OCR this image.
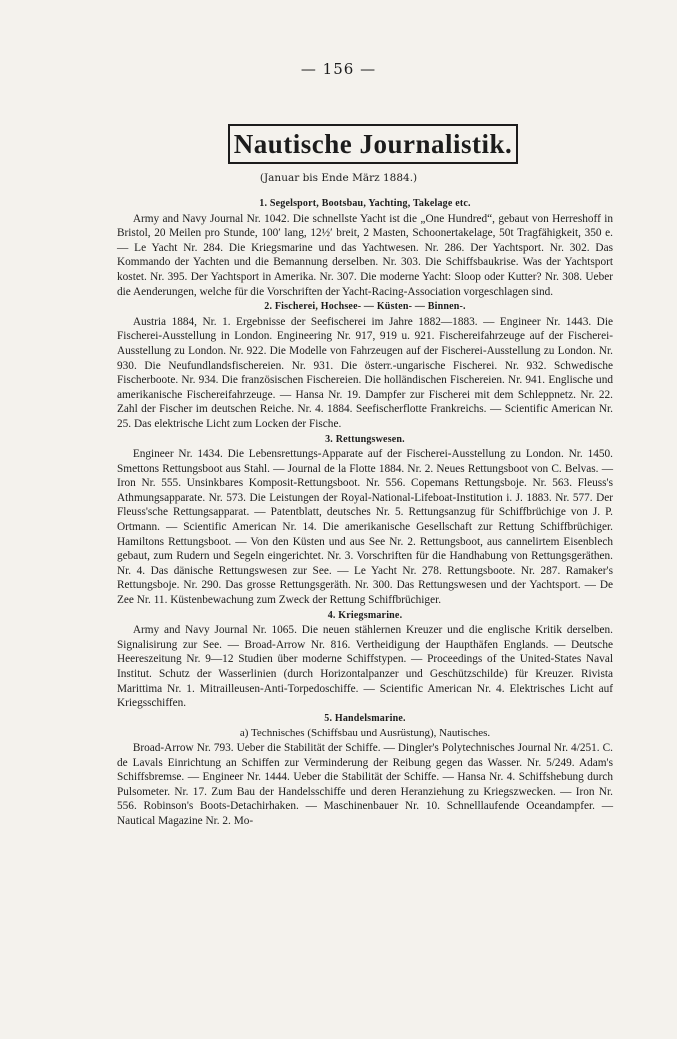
— 156 —
Nautische Journalistik.
(Januar bis Ende März 1884.)

1. Segelsport, Bootsbau, Yachting, Takelage etc.

Army and Navy Journal Nr. 1042. Die schnellste Yacht ist die „One Hundred“, gebaut von Herreshoff in Bristol, 20 Meilen pro Stunde, 100′ lang, 12½′ breit, 2 Masten, Schoonertakelage, 50t Tragfähigkeit, 350 e. — Le Yacht Nr. 284. Die Kriegsmarine und das Yachtwesen. Nr. 286. Der Yachtsport. Nr. 302. Das Kommando der Yachten und die Bemannung derselben. Nr. 303. Die Schiffsbaukrise. Was der Yachtsport kostet. Nr. 395. Der Yachtsport in Amerika. Nr. 307. Die moderne Yacht: Sloop oder Kutter? Nr. 308. Ueber die Aenderungen, welche für die Vorschriften der Yacht-Racing-Association vorgeschlagen sind.

2. Fischerei, Hochsee- — Küsten- — Binnen-.

Austria 1884, Nr. 1. Ergebnisse der Seefischerei im Jahre 1882—1883. — Engineer Nr. 1443. Die Fischerei-Ausstellung in London. Engineering Nr. 917, 919 u. 921. Fischereifahrzeuge auf der Fischerei-Ausstellung zu London. Nr. 922. Die Modelle von Fahrzeugen auf der Fischerei-Ausstellung zu London. Nr. 930. Die Neufundlandsfischereien. Nr. 931. Die österr.-ungarische Fischerei. Nr. 932. Schwedische Fischerboote. Nr. 934. Die französischen Fischereien. Die holländischen Fischereien. Nr. 941. Englische und amerikanische Fischereifahrzeuge. — Hansa Nr. 19. Dampfer zur Fischerei mit dem Schleppnetz. Nr. 22. Zahl der Fischer im deutschen Reiche. Nr. 4. 1884. Seefischerflotte Frankreichs. — Scientific American Nr. 25. Das elektrische Licht zum Locken der Fische.

3. Rettungswesen.

Engineer Nr. 1434. Die Lebensrettungs-Apparate auf der Fischerei-Ausstellung zu London. Nr. 1450. Smettons Rettungsboot aus Stahl. — Journal de la Flotte 1884. Nr. 2. Neues Rettungsboot von C. Belvas. — Iron Nr. 555. Unsinkbares Komposit-Rettungsboot. Nr. 556. Copemans Rettungsboje. Nr. 563. Fleuss's Athmungsapparate. Nr. 573. Die Leistungen der Royal-National-Lifeboat-Institution i. J. 1883. Nr. 577. Der Fleuss'sche Rettungsapparat. — Patentblatt, deutsches Nr. 5. Rettungsanzug für Schiffbrüchige von J. P. Ortmann. — Scientific American Nr. 14. Die amerikanische Gesellschaft zur Rettung Schiffbrüchiger. Hamiltons Rettungsboot. — Von den Küsten und aus See Nr. 2. Rettungsboot, aus cannelirtem Eisenblech gebaut, zum Rudern und Segeln eingerichtet. Nr. 3. Vorschriften für die Handhabung von Rettungsgeräthen. Nr. 4. Das dänische Rettungswesen zur See. — Le Yacht Nr. 278. Rettungsboote. Nr. 287. Ramaker's Rettungsboje. Nr. 290. Das grosse Rettungsgeräth. Nr. 300. Das Rettungswesen und der Yachtsport. — De Zee Nr. 11. Küstenbewachung zum Zweck der Rettung Schiffbrüchiger.

4. Kriegsmarine.

Army and Navy Journal Nr. 1065. Die neuen stählernen Kreuzer und die englische Kritik derselben. Signalisirung zur See. — Broad-Arrow Nr. 816. Vertheidigung der Haupthäfen Englands. — Deutsche Heereszeitung Nr. 9—12 Studien über moderne Schiffstypen. — Proceedings of the United-States Naval Institut. Schutz der Wasserlinien (durch Horizontalpanzer und Geschützschilde) für Kreuzer. Rivista Marittima Nr. 1. Mitrailleusen-Anti-Torpedoschiffe. — Scientific American Nr. 4. Elektrisches Licht auf Kriegsschiffen.

5. Handelsmarine.

a) Technisches (Schiffsbau und Ausrüstung), Nautisches.

Broad-Arrow Nr. 793. Ueber die Stabilität der Schiffe. — Dingler's Polytechnisches Journal Nr. 4/251. C. de Lavals Einrichtung an Schiffen zur Verminderung der Reibung gegen das Wasser. Nr. 5/249. Adam's Schiffsbremse. — Engineer Nr. 1444. Ueber die Stabilität der Schiffe. — Hansa Nr. 4. Schiffshebung durch Pulsometer. Nr. 17. Zum Bau der Handelsschiffe und deren Heranziehung zu Kriegszwecken. — Iron Nr. 556. Robinson's Boots-Detachirhaken. — Maschinenbauer Nr. 10. Schnelllaufende Oceandampfer. — Nautical Magazine Nr. 2. Mo-
